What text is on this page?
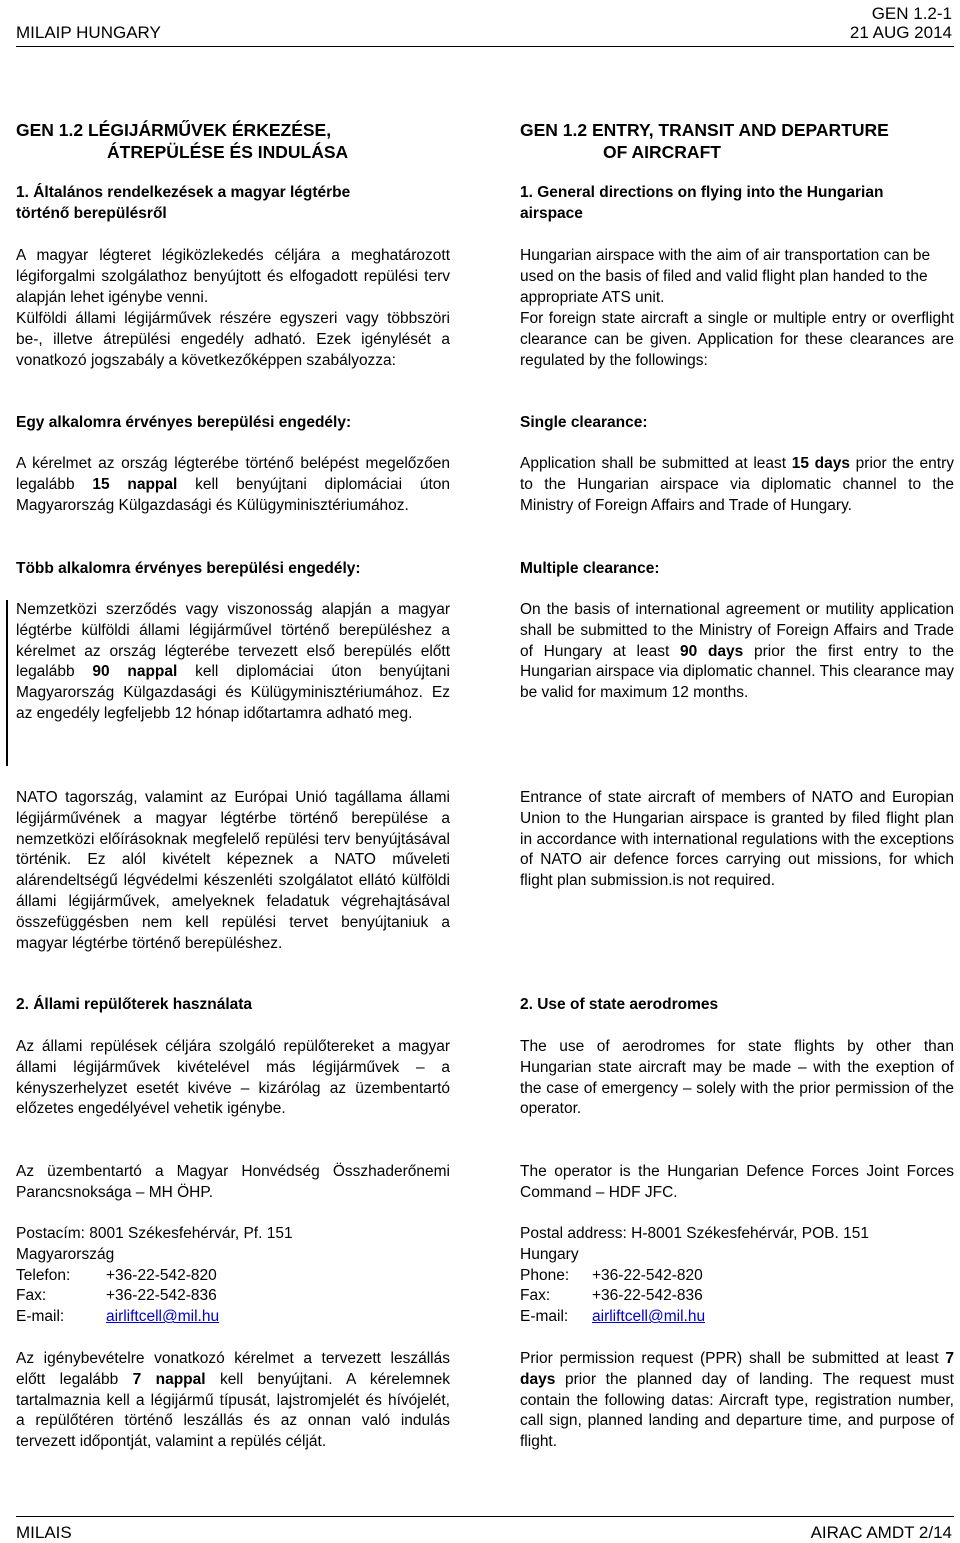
GEN 1.2-1
MILAIP HUNGARY	21 AUG 2014
GEN 1.2 LÉGIJÁRMŰVEK ÉRKEZÉSE,
ÁTREPÜLÉSE ÉS INDULÁSA
GEN 1.2 ENTRY, TRANSIT AND DEPARTURE
OF AIRCRAFT
1. Általános rendelkezések a magyar légtérbe
történő berepülésről

A magyar légteret légiközlekedés céljára a meghatározott légiforgalmi szolgálathoz benyújtott és elfogadott repülési terv alapján lehet igénybe venni.

Külföldi állami légijárművek részére egyszeri vagy többszöri be-, illetve átrepülési engedély adható. Ezek igénylését a vonatkozó jogszabály a következőképpen szabályozza:

Egy alkalomra érvényes berepülési engedély:

A kérelmet az ország légterébe történő belépést megelőzően legalább 15 nappal kell benyújtani diplomáciai úton Magyarország Külgazdasági és Külügyminisztériumához.

Több alkalomra érvényes berepülési engedély:

Nemzetközi szerződés vagy viszonosság alapján a magyar légtérbe külföldi állami légijárművel történő berepüléshez a kérelmet az ország légterébe tervezett első berepülés előtt legalább 90 nappal kell diplomáciai úton benyújtani Magyarország Külgazdasági és Külügyminisztériumához. Ez az engedély legfeljebb 12 hónap időtartamra adható meg.

NATO tagország, valamint az Európai Unió tagállama állami légijárművének a magyar légtérbe történő berepülése a nemzetközi előírásoknak megfelelő repülési terv benyújtásával történik. Ez alól kivételt képeznek a NATO műveleti alárendeltségű légvédelmi készenléti szolgálatot ellátó külföldi állami légijárművek, amelyeknek feladatuk végrehajtásával összefüggésben nem kell repülési tervet benyújtaniuk a magyar légtérbe történő berepüléshez.

2. Állami repülőterek használata

Az állami repülések céljára szolgáló repülőtereket a magyar állami légijárművek kivételével más légijárművek – a kényszerhelyzet esetét kivéve – kizárólag az üzembentartó előzetes engedélyével vehetik igénybe.

Az üzembentartó a Magyar Honvédség Összhaderőnemi Parancsnoksága – MH ÖHP.

Postacím: 8001 Székesfehérvár, Pf. 151
Magyarország
Telefon: +36-22-542-820
Fax:	+36-22-542-836
E-mail:	airliftcell@mil.hu

Az igénybevételre vonatkozó kérelmet a tervezett leszállás előtt legalább 7 nappal kell benyújtani. A kérelemnek tartalmaznia kell a légijármű típusát, lajstromjelét és hívójelét, a repülőtéren történő leszállás és az onnan való indulás tervezett időpontját, valamint a repülés célját.

1. General directions on flying into the Hungarian
airspace

Hungarian airspace with the aim of air transportation can be used on the basis of filed and valid flight plan handed to the appropriate ATS unit.

For foreign state aircraft a single or multiple entry or overflight clearance can be given. Application for these clearances are regulated by the followings:

Single clearance:

Application shall be submitted at least 15 days prior the entry to the Hungarian airspace via diplomatic channel to the Ministry of Foreign Affairs and Trade of Hungary.

Multiple clearance:

On the basis of international agreement or mutility application shall be submitted to the Ministry of Foreign Affairs and Trade of Hungary at least 90 days prior the first entry to the Hungarian airspace via diplomatic channel. This clearance may be valid for maximum 12 months.

Entrance of state aircraft of members of NATO and Europian Union to the Hungarian airspace is granted by filed flight plan in accordance with international regulations with the exceptions of NATO air defence forces carrying out missions, for which flight plan submission.is not required.

2. Use of state aerodromes

The use of aerodromes for state flights by other than Hungarian state aircraft may be made – with the exeption of the case of emergency – solely with the prior permission of the operator.

The operator is the Hungarian Defence Forces Joint Forces Command – HDF JFC.

Postal address: H-8001 Székesfehérvár, POB. 151
Hungary
Phone: +36-22-542-820
Fax:	+36-22-542-836
E-mail: airliftcell@mil.hu

Prior permission request (PPR) shall be submitted at least 7 days prior the planned day of landing. The request must contain the following datas: Aircraft type, registration number, call sign, planned landing and departure time, and purpose of flight.

MILAIS	AIRAC AMDT 2/14
